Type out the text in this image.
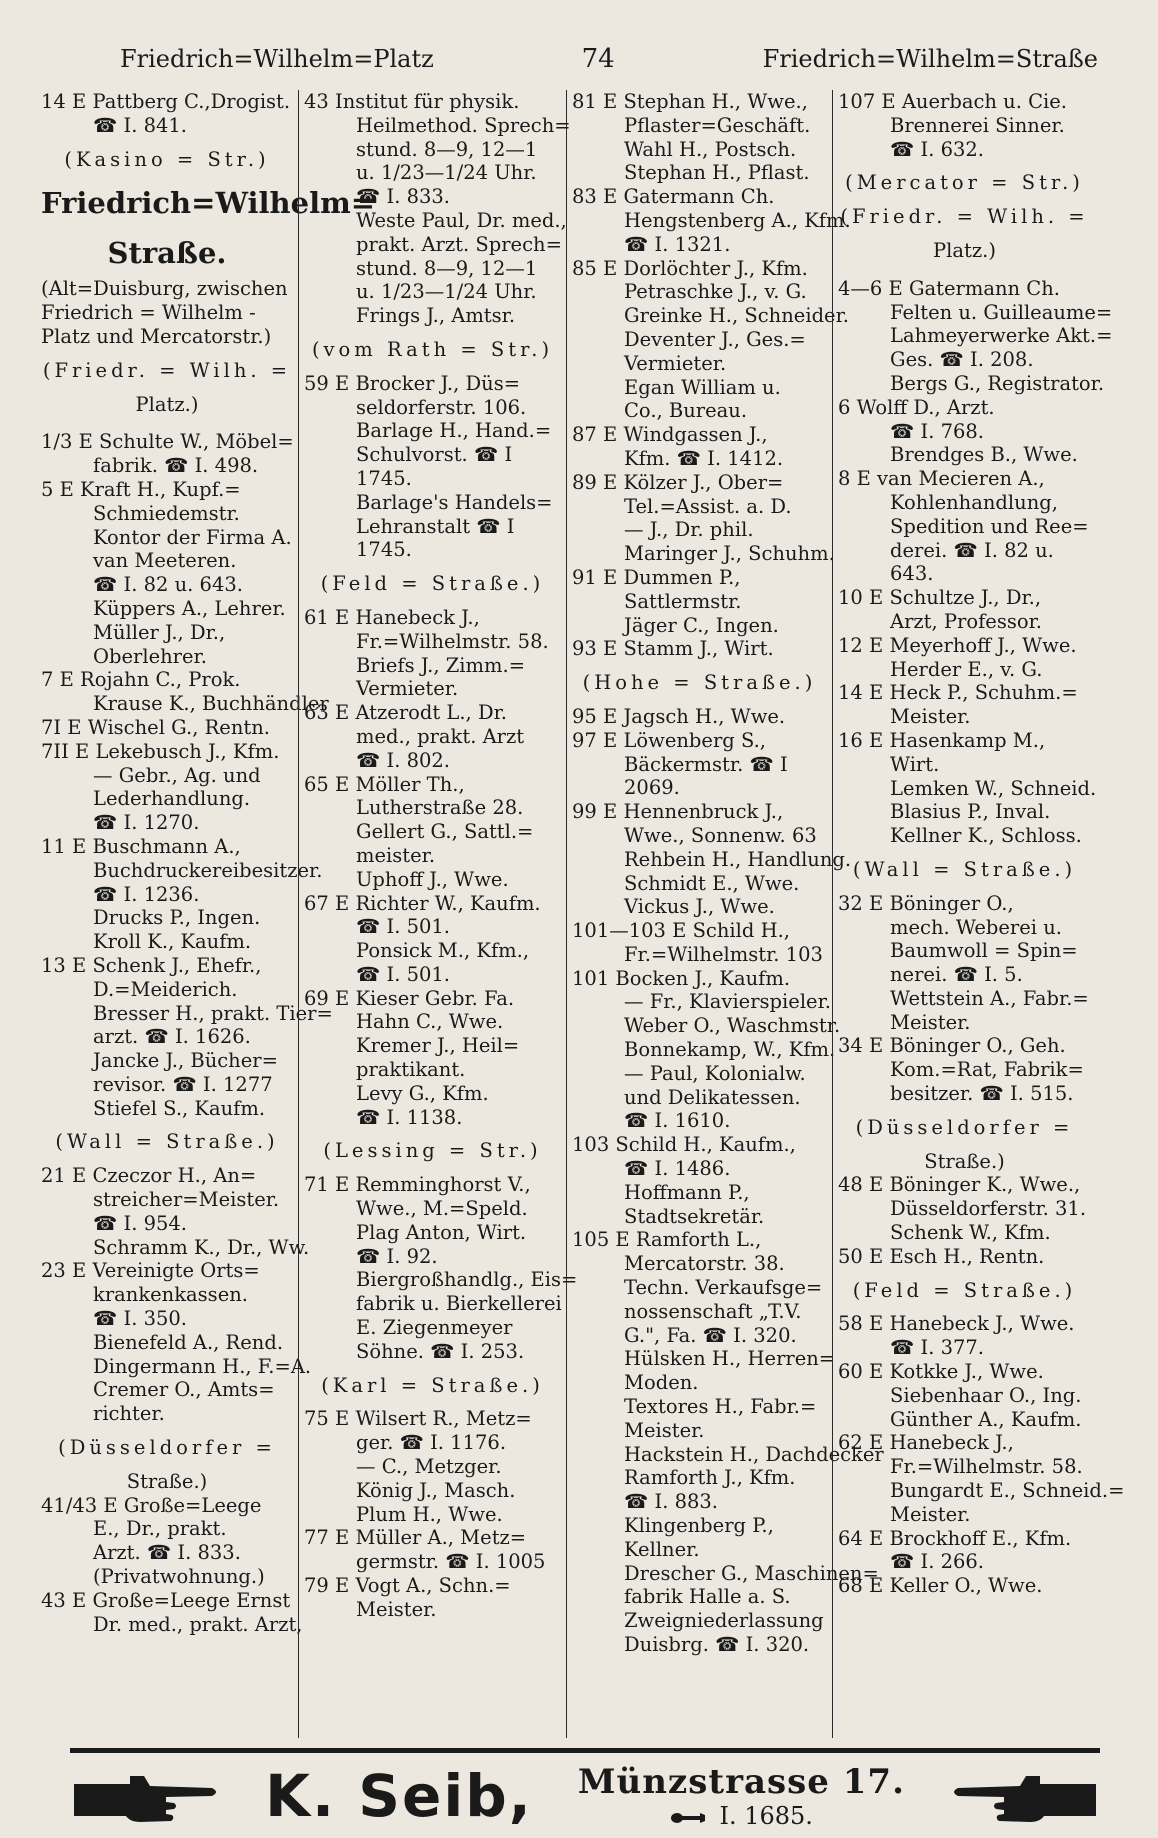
Friedrich=Wilhelm=Platz	74	Friedrich=Wilhelm=Straße
14 E Pattberg C.,Drogist.
☎ I. 841.
(Kasino = Str.)
Friedrich=Wilhelm=
Straße.
(Alt=Duisburg, zwischen
Friedrich = Wilhelm -
Platz und Mercatorstr.)
(Friedr. = Wilh. =
Platz.)
1/3 E Schulte W., Möbel=
fabrik. ☎ I. 498.
5 E Kraft H., Kupf.=
Schmiedemstr.
Kontor der Firma A.
van Meeteren.
☎ I. 82 u. 643.
Küppers A., Lehrer.
Müller J., Dr.,
Oberlehrer.
7 E Rojahn C., Prok.
Krause K., Buchhändler
7I E Wischel G., Rentn.
7II E Lekebusch J., Kfm.
— Gebr., Ag. und
Lederhandlung.
☎ I. 1270.
11 E Buschmann A.,
Buchdruckereibesitzer.
☎ I. 1236.
Drucks P., Ingen.
Kroll K., Kaufm.
13 E Schenk J., Ehefr.,
D.=Meiderich.
Bresser H., prakt. Tier=
arzt. ☎ I. 1626.
Jancke J., Bücher=
revisor. ☎ I. 1277
Stiefel S., Kaufm.
(Wall = Straße.)
21 E Czeczor H., An=
streicher=Meister.
☎ I. 954.
Schramm K., Dr., Ww.
23 E Vereinigte Orts=
krankenkassen.
☎ I. 350.
Bienefeld A., Rend.
Dingermann H., F.=A.
Cremer O., Amts=
richter.
(Düsseldorfer =
Straße.)
41/43 E Große=Leege
E., Dr., prakt.
Arzt. ☎ I. 833.
(Privatwohnung.)
43 E Große=Leege Ernst
Dr. med., prakt. Arzt,
43 Institut für physik.
Heilmethod. Sprech=
stund. 8—9, 12—1
u. 1/23—1/24 Uhr.
☎ I. 833.
Weste Paul, Dr. med.,
prakt. Arzt. Sprech=
stund. 8—9, 12—1
u. 1/23—1/24 Uhr.
Frings J., Amtsr.
(vom Rath = Str.)
59 E Brocker J., Düs=
seldorferstr. 106.
Barlage H., Hand.=
Schulvorst. ☎ I
1745.
Barlage's Handels=
Lehranstalt ☎ I
1745.
(Feld = Straße.)
61 E Hanebeck J.,
Fr.=Wilhelmstr. 58.
Briefs J., Zimm.=
Vermieter.
63 E Atzerodt L., Dr.
med., prakt. Arzt
☎ I. 802.
65 E Möller Th.,
Lutherstraße 28.
Gellert G., Sattl.=
meister.
Uphoff J., Wwe.
67 E Richter W., Kaufm.
☎ I. 501.
Ponsick M., Kfm.,
☎ I. 501.
69 E Kieser Gebr. Fa.
Hahn C., Wwe.
Kremer J., Heil=
praktikant.
Levy G., Kfm.
☎ I. 1138.
(Lessing = Str.)
71 E Remminghorst V.,
Wwe., M.=Speld.
Plag Anton, Wirt.
☎ I. 92.
Biergroßhandlg., Eis=
fabrik u. Bierkellerei
E. Ziegenmeyer
Söhne. ☎ I. 253.
(Karl = Straße.)
75 E Wilsert R., Metz=
ger. ☎ I. 1176.
— C., Metzger.
König J., Masch.
Plum H., Wwe.
77 E Müller A., Metz=
germstr. ☎ I. 1005
79 E Vogt A., Schn.=
Meister.
81 E Stephan H., Wwe.,
Pflaster=Geschäft.
Wahl H., Postsch.
Stephan H., Pflast.
83 E Gatermann Ch.
Hengstenberg A., Kfm.
☎ I. 1321.
85 E Dorlöchter J., Kfm.
Petraschke J., v. G.
Greinke H., Schneider.
Deventer J., Ges.=
Vermieter.
Egan William u.
Co., Bureau.
87 E Windgassen J.,
Kfm. ☎ I. 1412.
89 E Kölzer J., Ober=
Tel.=Assist. a. D.
— J., Dr. phil.
Maringer J., Schuhm.
91 E Dummen P.,
Sattlermstr.
Jäger C., Ingen.
93 E Stamm J., Wirt.
(Hohe = Straße.)
95 E Jagsch H., Wwe.
97 E Löwenberg S.,
Bäckermstr. ☎ I
2069.
99 E Hennenbruck J.,
Wwe., Sonnenw. 63
Rehbein H., Handlung.
Schmidt E., Wwe.
Vickus J., Wwe.
101—103 E Schild H.,
Fr.=Wilhelmstr. 103
101 Bocken J., Kaufm.
— Fr., Klavierspieler.
Weber O., Waschmstr.
Bonnekamp, W., Kfm.
— Paul, Kolonialw.
und Delikatessen.
☎ I. 1610.
103 Schild H., Kaufm.,
☎ I. 1486.
Hoffmann P.,
Stadtsekretär.
105 E Ramforth L.,
Mercatorstr. 38.
Techn. Verkaufsge=
nossenschaft „T.V.
G.", Fa. ☎ I. 320.
Hülsken H., Herren=
Moden.
Textores H., Fabr.=
Meister.
Hackstein H., Dachdecker
Ramforth J., Kfm.
☎ I. 883.
Klingenberg P.,
Kellner.
Drescher G., Maschinen=
fabrik Halle a. S.
Zweigniederlassung
Duisbrg. ☎ I. 320.
107 E Auerbach u. Cie.
Brennerei Sinner.
☎ I. 632.
(Mercator = Str.)
(Friedr. = Wilh. =
Platz.)
4—6 E Gatermann Ch.
Felten u. Guilleaume=
Lahmeyerwerke Akt.=
Ges. ☎ I. 208.
Bergs G., Registrator.
6 Wolff D., Arzt.
☎ I. 768.
Brendges B., Wwe.
8 E van Mecieren A.,
Kohlenhandlung,
Spedition und Ree=
derei. ☎ I. 82 u.
643.
10 E Schultze J., Dr.,
Arzt, Professor.
12 E Meyerhoff J., Wwe.
Herder E., v. G.
14 E Heck P., Schuhm.=
Meister.
16 E Hasenkamp M.,
Wirt.
Lemken W., Schneid.
Blasius P., Inval.
Kellner K., Schloss.
(Wall = Straße.)
32 E Böninger O.,
mech. Weberei u.
Baumwoll = Spin=
nerei. ☎ I. 5.
Wettstein A., Fabr.=
Meister.
34 E Böninger O., Geh.
Kom.=Rat, Fabrik=
besitzer. ☎ I. 515.
(Düsseldorfer =
Straße.)
48 E Böninger K., Wwe.,
Düsseldorferstr. 31.
Schenk W., Kfm.
50 E Esch H., Rentn.
(Feld = Straße.)
58 E Hanebeck J., Wwe.
☎ I. 377.
60 E Kotkke J., Wwe.
Siebenhaar O., Ing.
Günther A., Kaufm.
62 E Hanebeck J.,
Fr.=Wilhelmstr. 58.
Bungardt E., Schneid.=
Meister.
64 E Brockhoff E., Kfm.
☎ I. 266.
68 E Keller O., Wwe.
K. Seib, Münzstrasse 17.
I. 1685.
